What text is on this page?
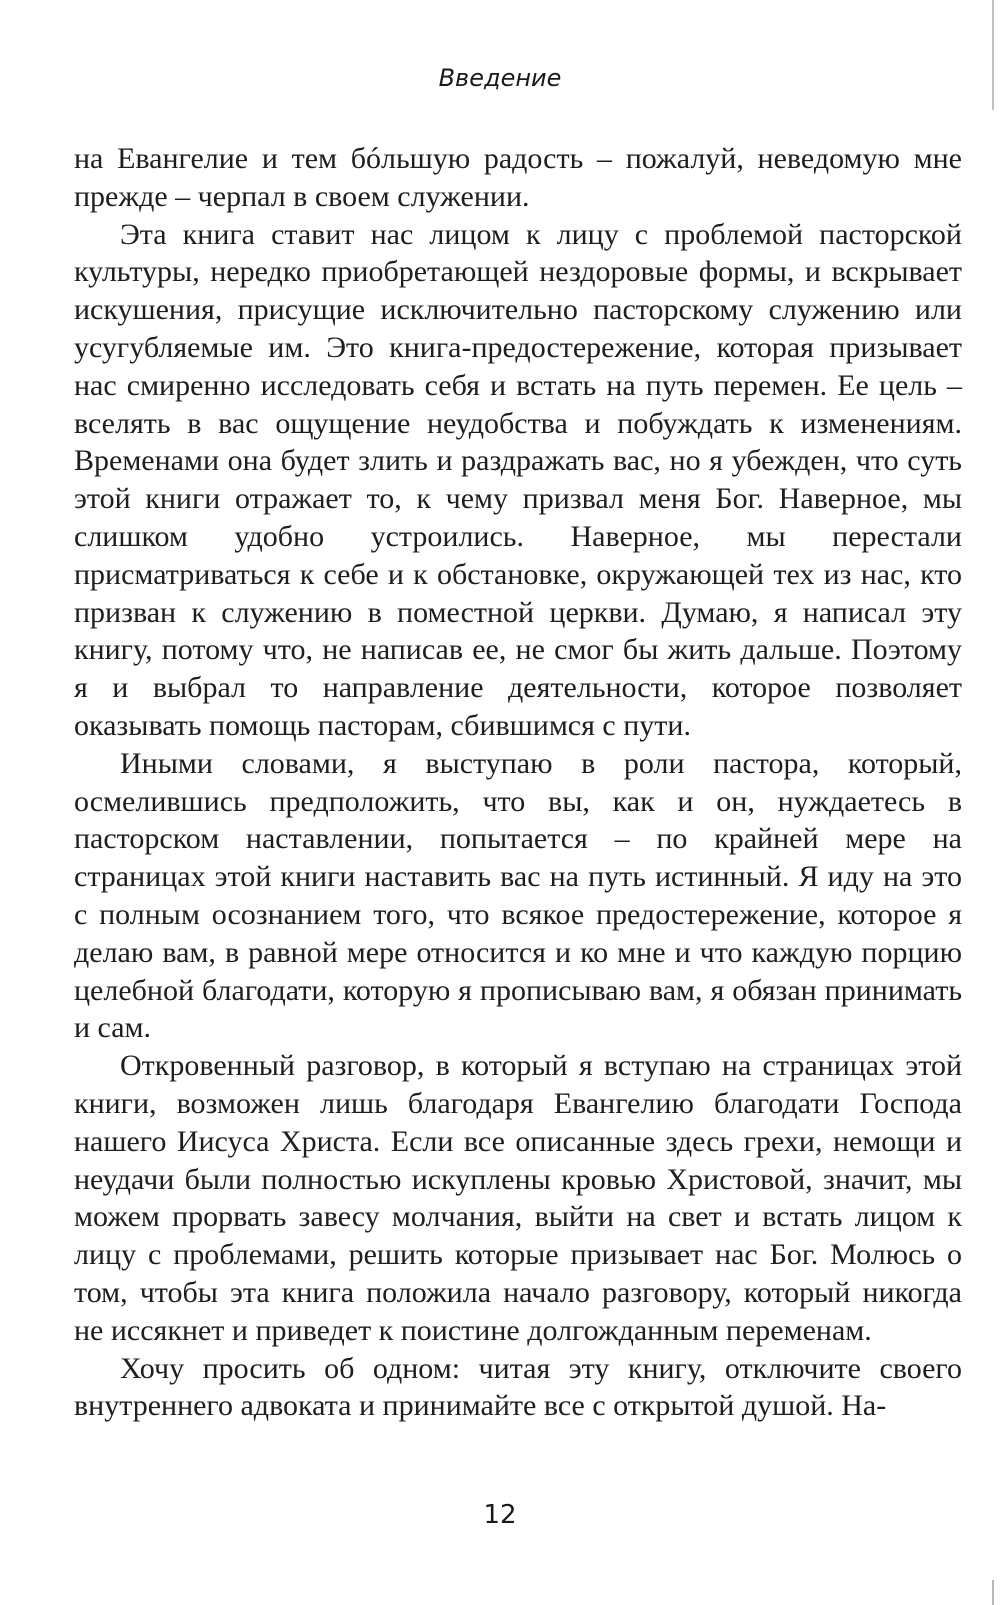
Введение

на Евангелие и тем бóльшую радость – пожалуй, неведомую мне прежде – черпал в своем служении.

Эта книга ставит нас лицом к лицу с проблемой пасторской культуры, нередко приобретающей нездоровые формы, и вскрывает искушения, присущие исключительно пасторскому служению или усугубляемые им. Это книга-предостережение, которая призывает нас смиренно исследовать себя и встать на путь перемен. Ее цель – вселять в вас ощущение неудобства и побуждать к изменениям. Временами она будет злить и раздражать вас, но я убежден, что суть этой книги отражает то, к чему призвал меня Бог. Наверное, мы слишком удобно устроились. Наверное, мы перестали присматриваться к себе и к обстановке, окружающей тех из нас, кто призван к служению в поместной церкви. Думаю, я написал эту книгу, потому что, не написав ее, не смог бы жить дальше. Поэтому я и выбрал то направление деятельности, которое позволяет оказывать помощь пасторам, сбившимся с пути.

Иными словами, я выступаю в роли пастора, который, осмелившись предположить, что вы, как и он, нуждаетесь в пасторском наставлении, попытается – по крайней мере на страницах этой книги наставить вас на путь истинный. Я иду на это с полным осознанием того, что всякое предостережение, которое я делаю вам, в равной мере относится и ко мне и что каждую порцию целебной благодати, которую я прописываю вам, я обязан принимать и сам.

Откровенный разговор, в который я вступаю на страницах этой книги, возможен лишь благодаря Евангелию благодати Господа нашего Иисуса Христа. Если все описанные здесь грехи, немощи и неудачи были полностью искуплены кровью Христовой, значит, мы можем прорвать завесу молчания, выйти на свет и встать лицом к лицу с проблемами, решить которые призывает нас Бог. Молюсь о том, чтобы эта книга положила начало разговору, который никогда не иссякнет и приведет к поистине долгожданным переменам.

Хочу просить об одном: читая эту книгу, отключите своего внутреннего адвоката и принимайте все с открытой душой. На-

12
